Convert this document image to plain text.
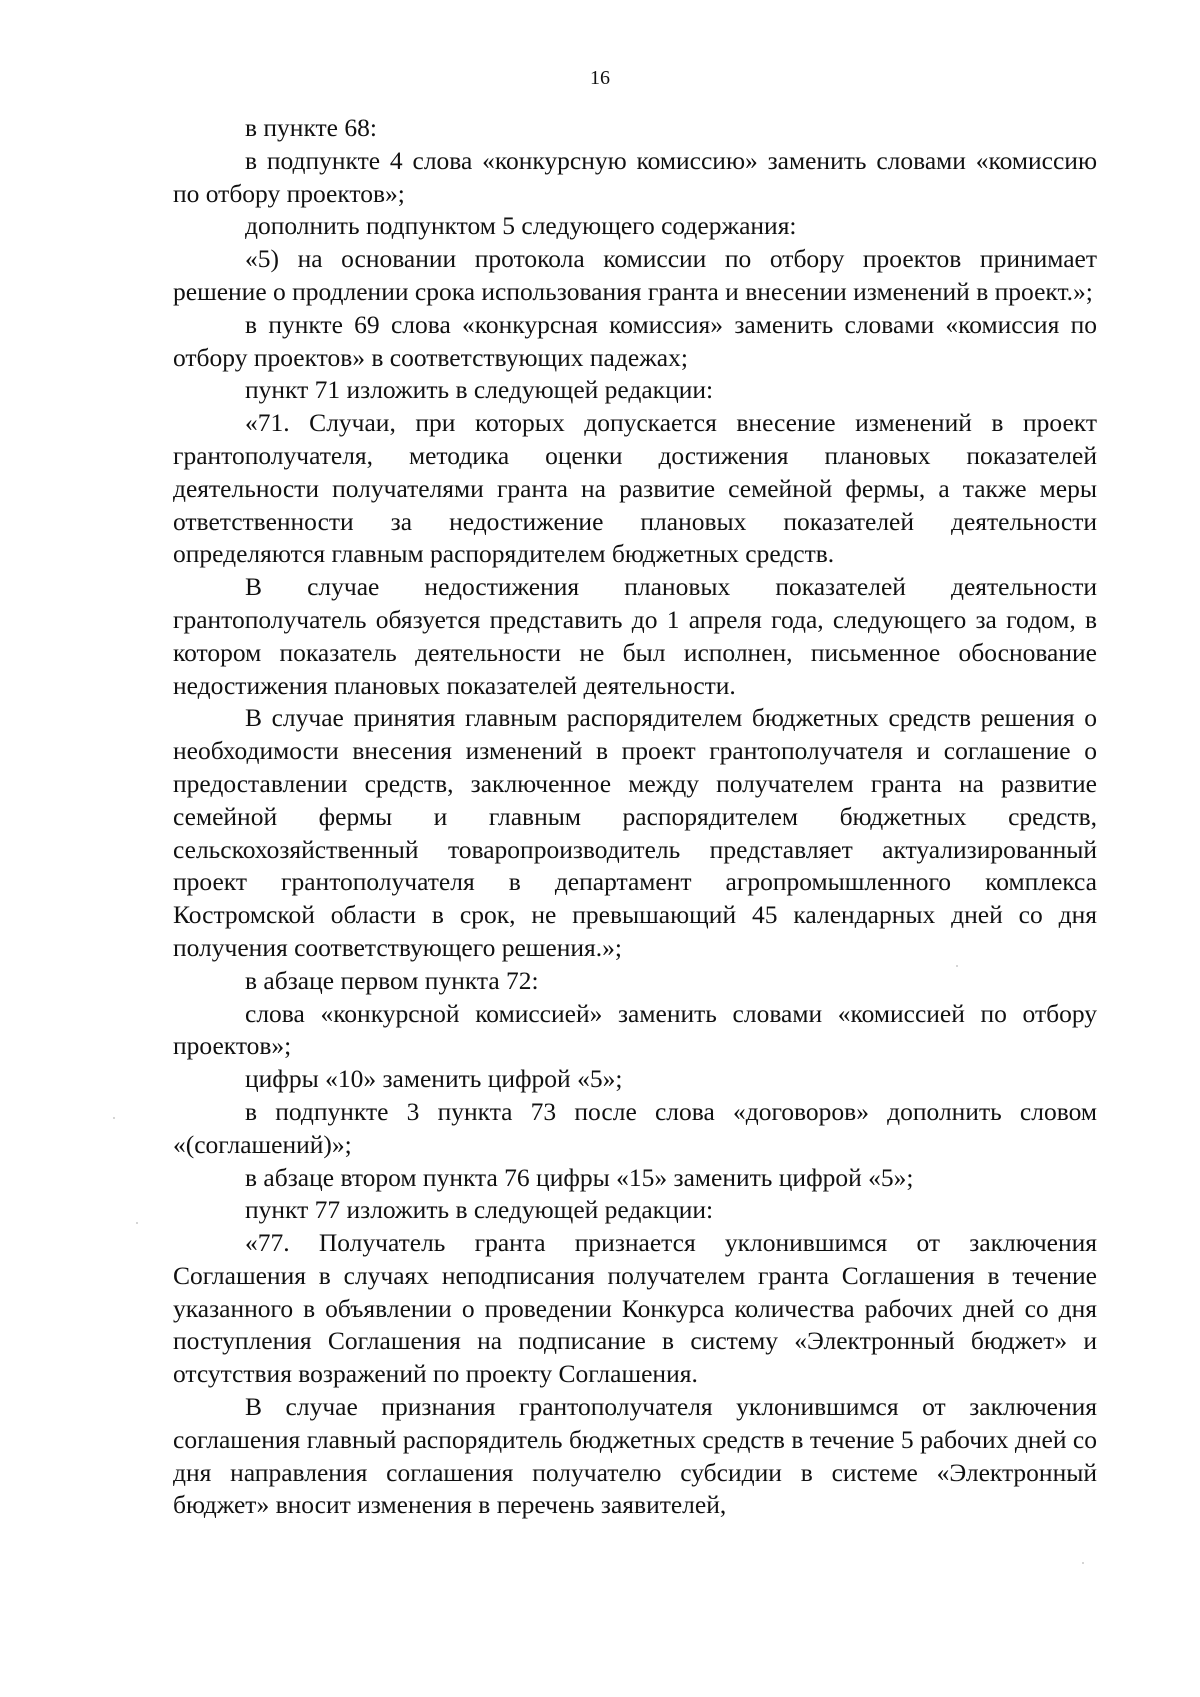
16

в пункте 68:

в подпункте 4 слова «конкурсную комиссию» заменить словами «комиссию по отбору проектов»;

дополнить подпунктом 5 следующего содержания:

«5) на основании протокола комиссии по отбору проектов принимает решение о продлении срока использования гранта и внесении изменений в проект.»;

в пункте 69 слова «конкурсная комиссия» заменить словами «комиссия по отбору проектов» в соответствующих падежах;

пункт 71 изложить в следующей редакции:

«71. Случаи, при которых допускается внесение изменений в проект грантополучателя, методика оценки достижения плановых показателей деятельности получателями гранта на развитие семейной фермы, а также меры ответственности за недостижение плановых показателей деятельности определяются главным распорядителем бюджетных средств.

В случае недостижения плановых показателей деятельности грантополучатель обязуется представить до 1 апреля года, следующего за годом, в котором показатель деятельности не был исполнен, письменное обоснование недостижения плановых показателей деятельности.

В случае принятия главным распорядителем бюджетных средств решения о необходимости внесения изменений в проект грантополучателя и соглашение о предоставлении средств, заключенное между получателем гранта на развитие семейной фермы и главным распорядителем бюджетных средств, сельскохозяйственный товаропроизводитель представляет актуализированный проект грантополучателя в департамент агропромышленного комплекса Костромской области в срок, не превышающий 45 календарных дней со дня получения соответствующего решения.»;

в абзаце первом пункта 72:

слова «конкурсной комиссией» заменить словами «комиссией по отбору проектов»;

цифры «10» заменить цифрой «5»;

в подпункте 3 пункта 73 после слова «договоров» дополнить словом «(соглашений)»;

в абзаце втором пункта 76 цифры «15» заменить цифрой «5»;

пункт 77 изложить в следующей редакции:

«77. Получатель гранта признается уклонившимся от заключения Соглашения в случаях неподписания получателем гранта Соглашения в течение указанного в объявлении о проведении Конкурса количества рабочих дней со дня поступления Соглашения на подписание в систему «Электронный бюджет» и отсутствия возражений по проекту Соглашения.

В случае признания грантополучателя уклонившимся от заключения соглашения главный распорядитель бюджетных средств в течение 5 рабочих дней со дня направления соглашения получателю субсидии в системе «Электронный бюджет» вносит изменения в перечень заявителей,
